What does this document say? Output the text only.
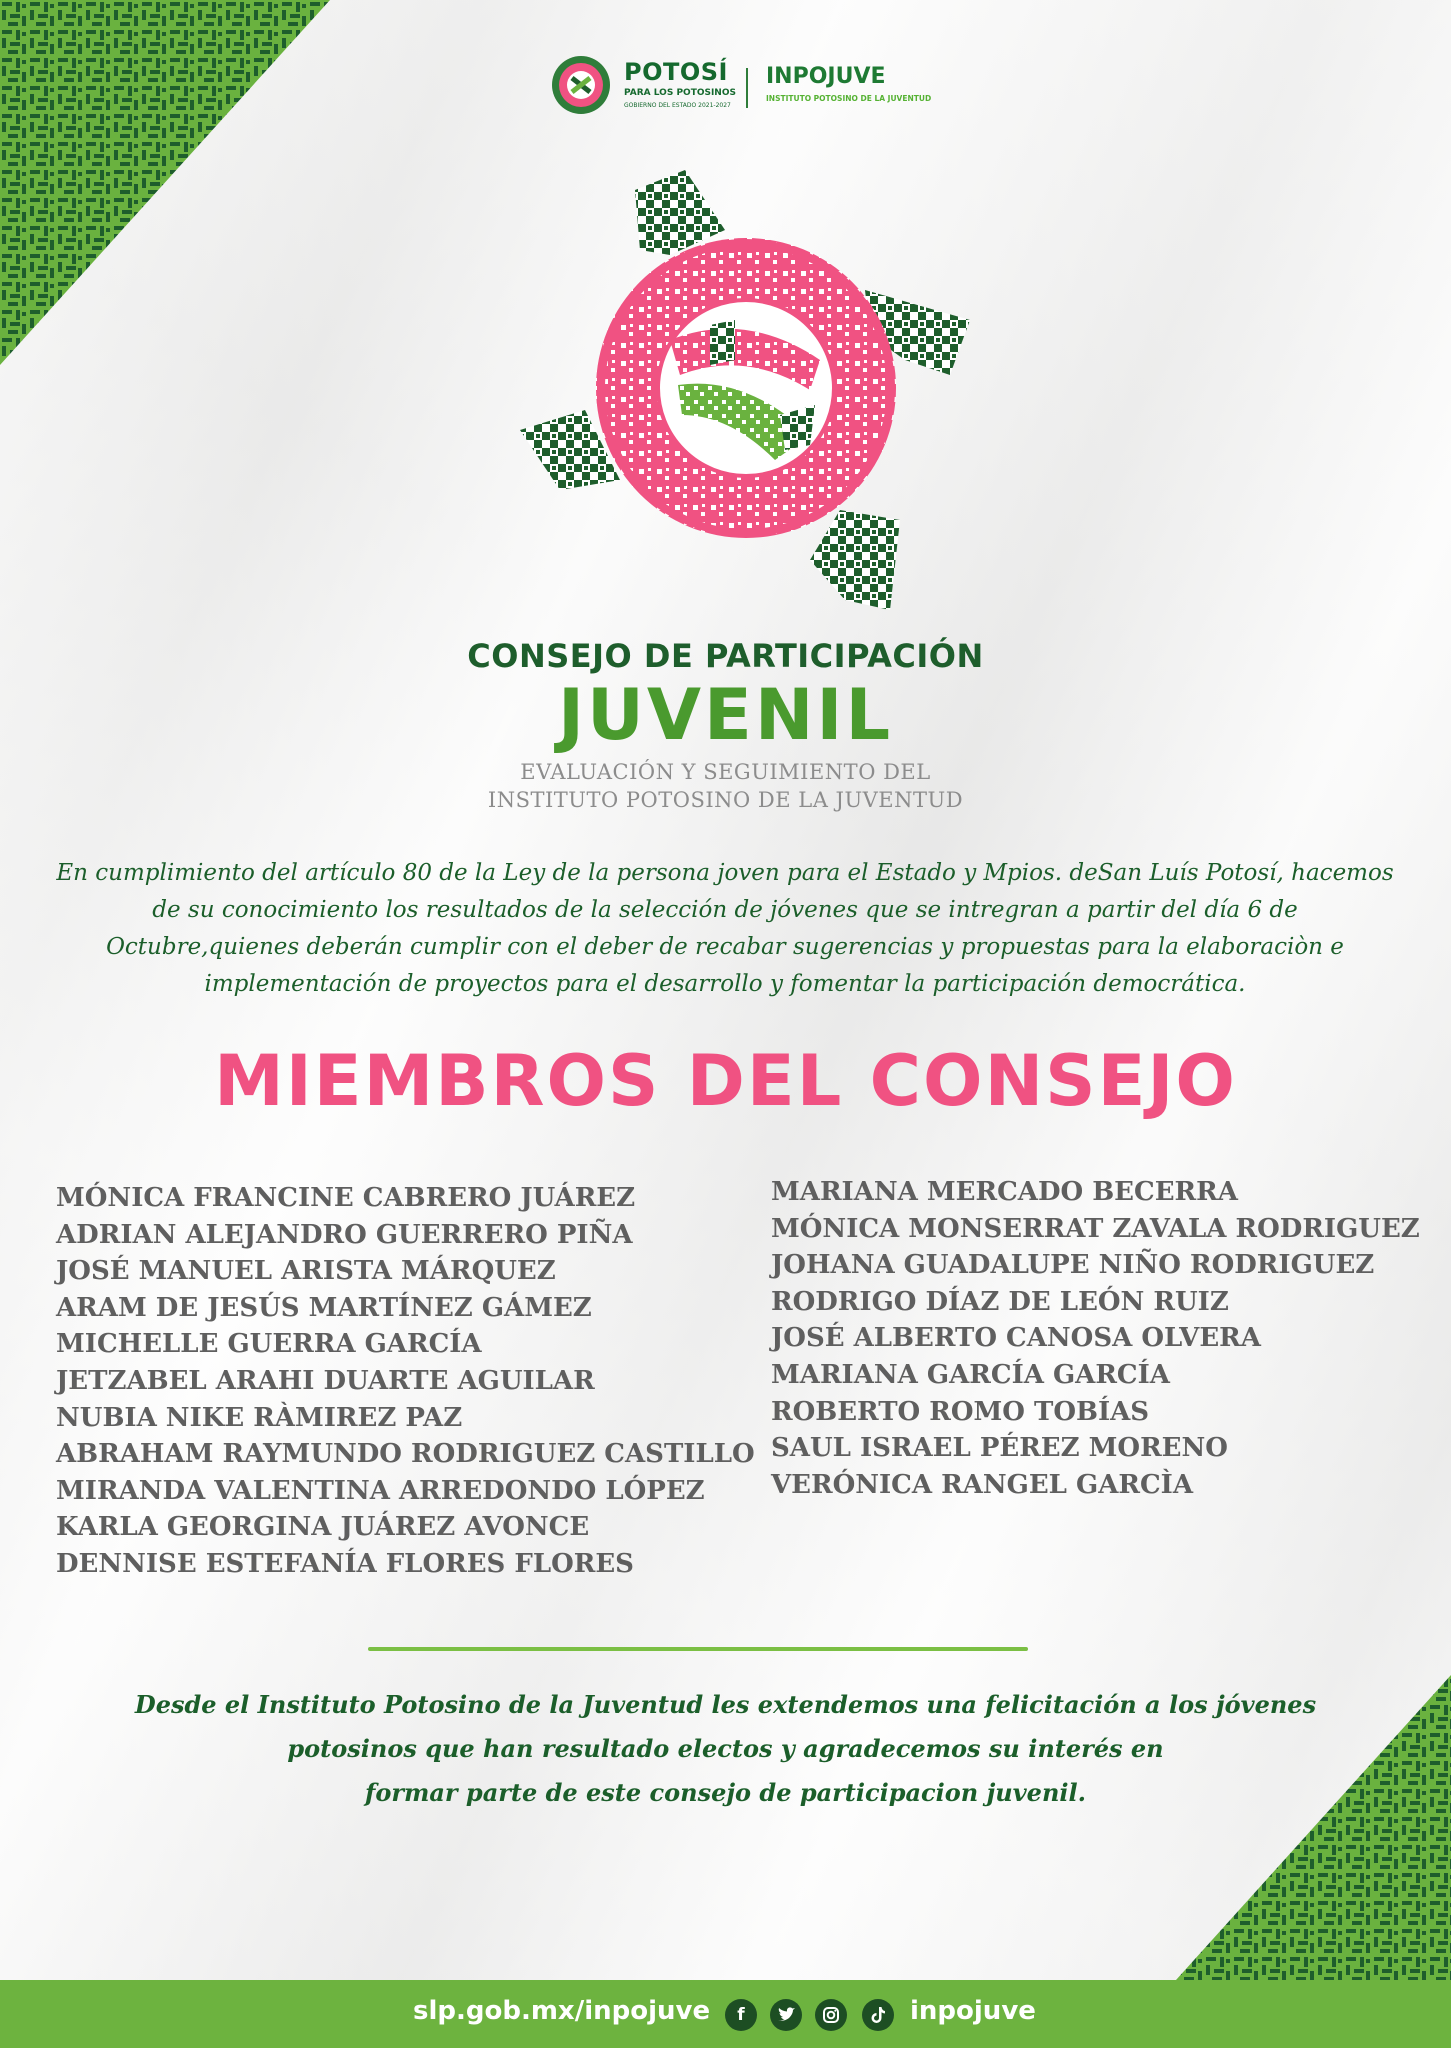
POTOSÍ
PARA LOS POTOSINOS
GOBIERNO DEL ESTADO 2021-2027
INPOJUVE
INSTITUTO POTOSINO DE LA JUVENTUD
CONSEJO DE PARTICIPACIÓN
JUVENIL
EVALUACIÓN Y SEGUIMIENTO DEL
INSTITUTO POTOSINO DE LA JUVENTUD

En cumplimiento del artículo 80 de la Ley de la persona joven para el Estado y Mpios. deSan Luís Potosí, hacemos de su conocimiento los resultados de la selección de jóvenes que se intregran a partir del día 6 de Octubre,quienes deberán cumplir con el deber de recabar sugerencias y propuestas para la elaboraciòn e implementación de proyectos para el desarrollo y fomentar la participación democrática.

MIEMBROS DEL CONSEJO
MÓNICA FRANCINE CABRERO JUÁREZ
ADRIAN ALEJANDRO GUERRERO PIÑA
JOSÉ MANUEL ARISTA MÁRQUEZ
ARAM DE JESÚS MARTÍNEZ GÁMEZ
MICHELLE GUERRA GARCÍA
JETZABEL ARAHI DUARTE AGUILAR
NUBIA NIKE RÀMIREZ PAZ
ABRAHAM RAYMUNDO RODRIGUEZ CASTILLO
MIRANDA VALENTINA ARREDONDO LÓPEZ
KARLA GEORGINA JUÁREZ AVONCE
DENNISE ESTEFANÍA FLORES FLORES
MARIANA MERCADO BECERRA
MÓNICA MONSERRAT ZAVALA RODRIGUEZ
JOHANA GUADALUPE NIÑO RODRIGUEZ
RODRIGO DÍAZ DE LEÓN RUIZ
JOSÉ ALBERTO CANOSA OLVERA
MARIANA GARCÍA GARCÍA
ROBERTO ROMO TOBÍAS
SAUL ISRAEL PÉREZ MORENO
VERÓNICA RANGEL GARCÌA
Desde el Instituto Potosino de la Juventud les extendemos una felicitación a los jóvenes
potosinos que han resultado electos y agradecemos su interés en
formar parte de este consejo de participacion juvenil.
slp.gob.mx/inpojuve	f	inpojuve
